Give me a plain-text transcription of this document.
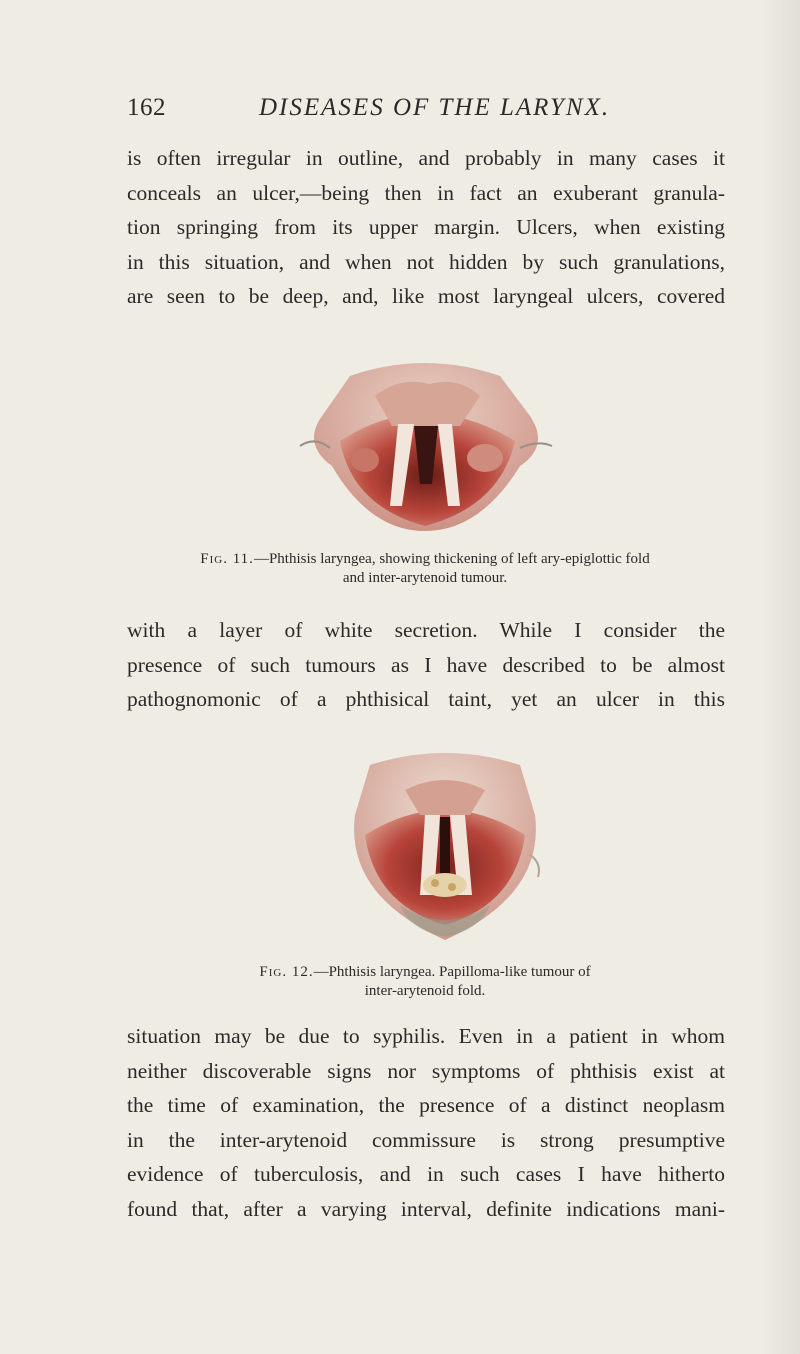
162	DISEASES OF THE LARYNX.

is often irregular in outline, and probably in many cases it
conceals an ulcer,—being then in fact an exuberant granula-
tion springing from its upper margin. Ulcers, when existing
in this situation, and when not hidden by such granulations,
are seen to be deep, and, like most laryngeal ulcers, covered

Fig. 11.—Phthisis laryngea, showing thickening of left ary-epiglottic fold
and inter-arytenoid tumour.

with a layer of white secretion. While I consider the
presence of such tumours as I have described to be almost
pathognomonic of a phthisical taint, yet an ulcer in this

Fig. 12.—Phthisis laryngea. Papilloma-like tumour of
inter-arytenoid fold.

situation may be due to syphilis. Even in a patient in whom
neither discoverable signs nor symptoms of phthisis exist at
the time of examination, the presence of a distinct neoplasm
in the inter-arytenoid commissure is strong presumptive
evidence of tuberculosis, and in such cases I have hitherto
found that, after a varying interval, definite indications mani-
